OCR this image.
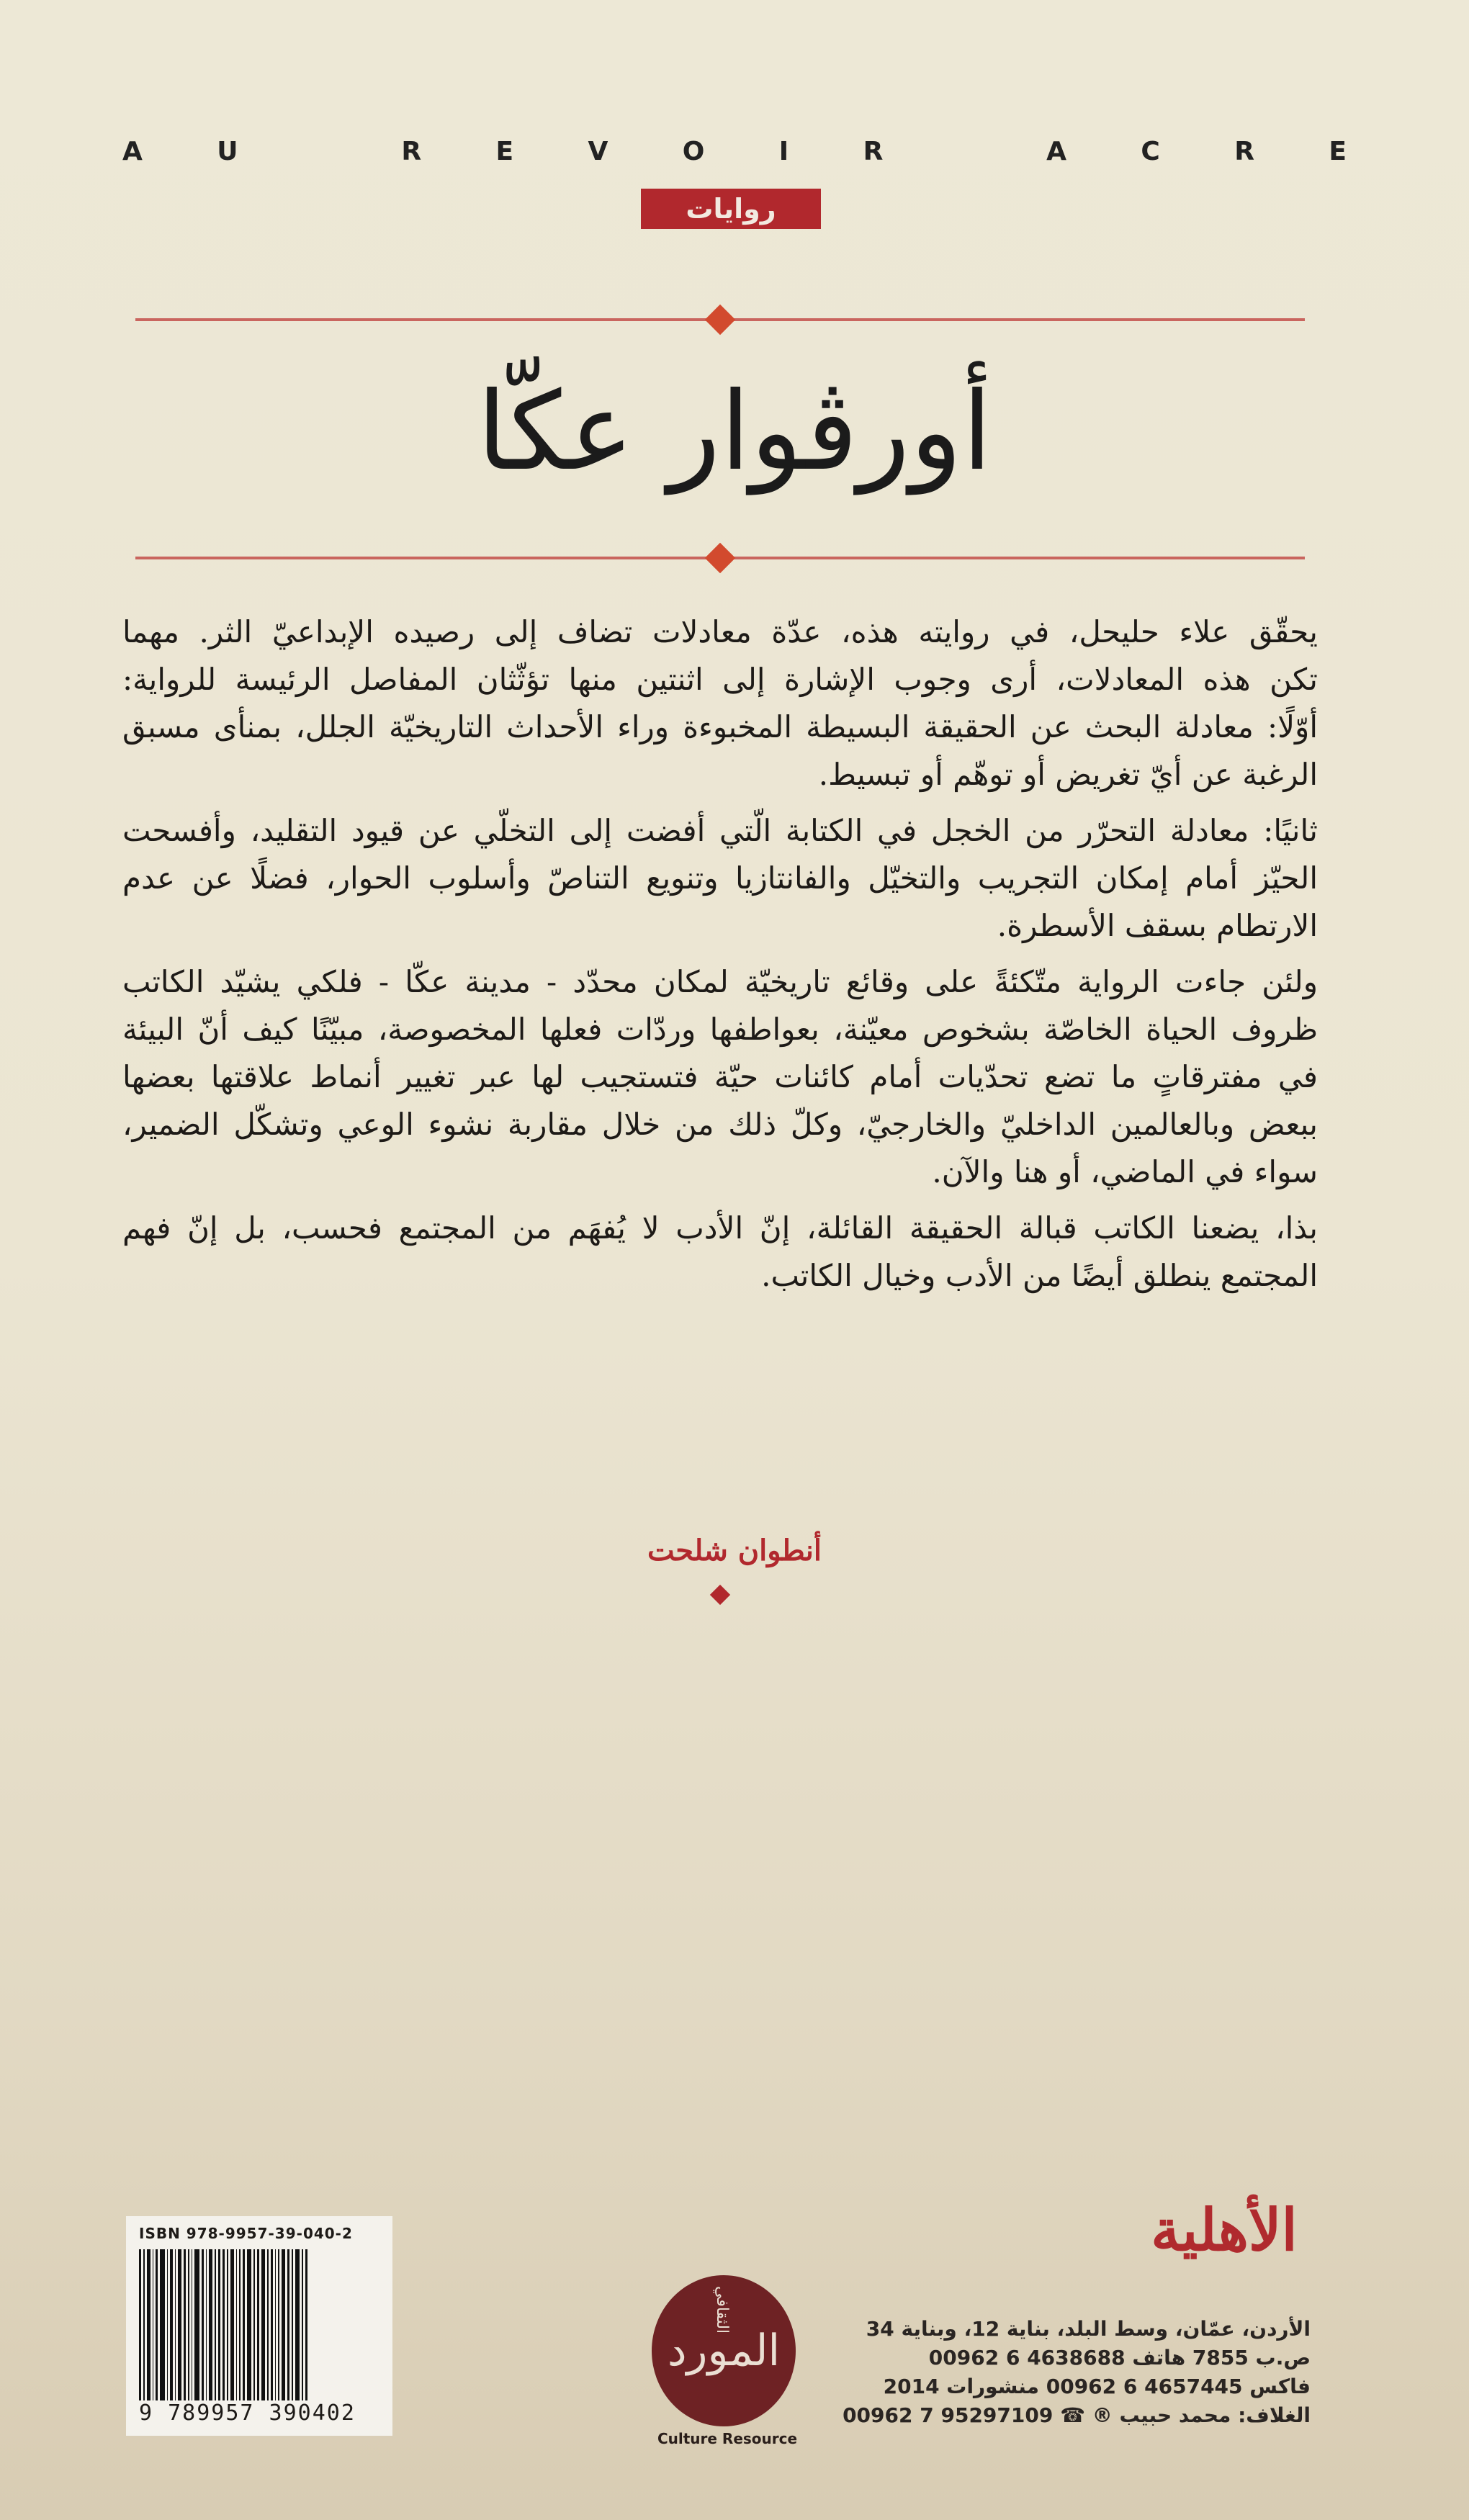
A	U	R	E	V	O	I	R	A	C	R	E
روايات
أورڤوار عكّا
يحقّق علاء حليحل، في روايته هذه، عدّة معادلات تضاف إلى رصيده الإبداعيّ الثر. مهما
تكن هذه المعادلات، أرى وجوب الإشارة إلى اثنتين منها تؤثّثان المفاصل الرئيسة للرواية:
أوّلًا: معادلة البحث عن الحقيقة البسيطة المخبوءة وراء الأحداث التاريخيّة الجلل، بمنأى مسبق
الرغبة عن أيّ تغريض أو توهّم أو تبسيط.
ثانيًا: معادلة التحرّر من الخجل في الكتابة الّتي أفضت إلى التخلّي عن قيود التقليد، وأفسحت
الحيّز أمام إمكان التجريب والتخيّل والفانتازيا وتنويع التناصّ وأسلوب الحوار، فضلًا عن عدم
الارتطام بسقف الأسطرة.
ولئن جاءت الرواية متّكئةً على وقائع تاريخيّة لمكان محدّد - مدينة عكّا - فلكي يشيّد الكاتب
ظروف الحياة الخاصّة بشخوص معيّنة، بعواطفها وردّات فعلها المخصوصة، مبيّنًا كيف أنّ البيئة
في مفترقاتٍ ما تضع تحدّيات أمام كائنات حيّة فتستجيب لها عبر تغيير أنماط علاقتها بعضها
ببعض وبالعالمين الداخليّ والخارجيّ، وكلّ ذلك من خلال مقاربة نشوء الوعي وتشكّل الضمير،
سواء في الماضي، أو هنا والآن.
بذا، يضعنا الكاتب قبالة الحقيقة القائلة، إنّ الأدب لا يُفهَم من المجتمع فحسب، بل إنّ فهم
المجتمع ينطلق أيضًا من الأدب وخيال الكاتب.
أنطوان شلحت
ISBN 978-9957-39-040-2
9 789957 390402
المورد
الثقافي
Culture Resource
الأهلية
الأردن، عمّان، وسط البلد، بناية 12، وبناية 34
ص.ب 7855 هاتف 4638688 6 00962
فاكس 4657445 6 00962 منشورات 2014
الغلاف: محمد حبيب ® ☎ 95297109 7 00962
